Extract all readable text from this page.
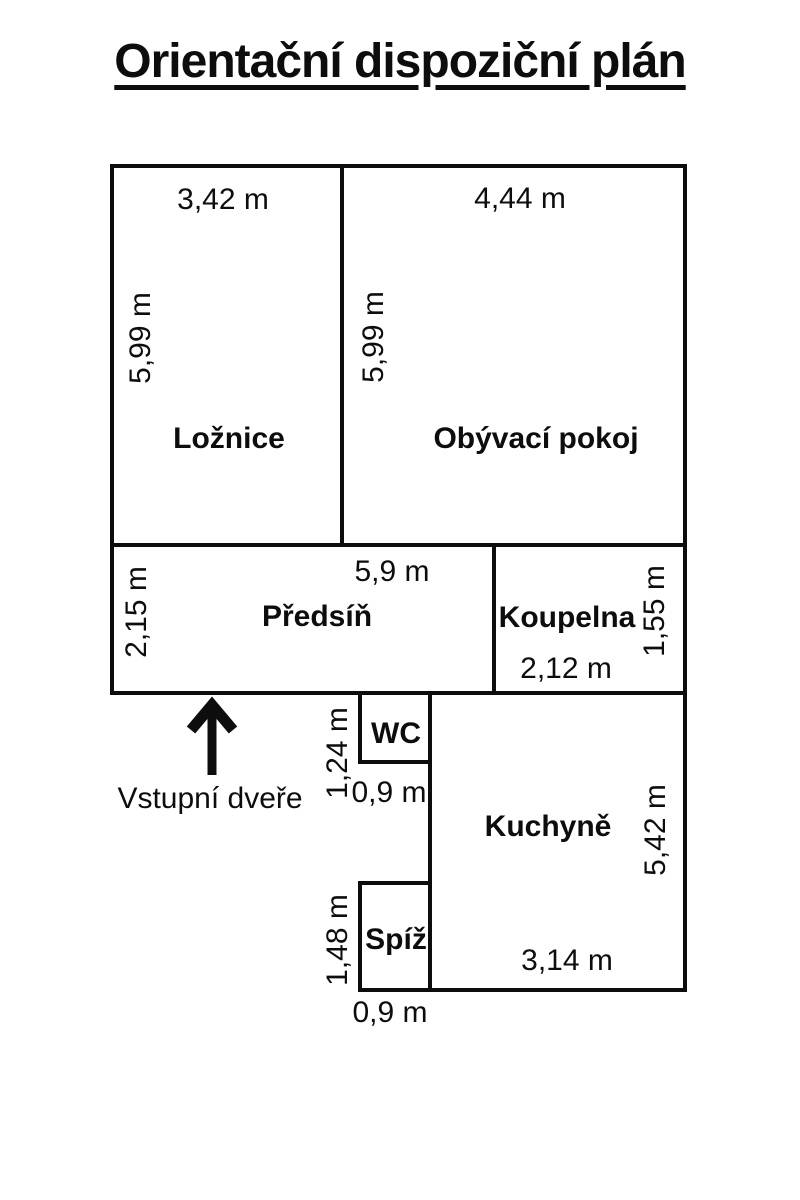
Orientační dispoziční plán
3,42 m
5,99 m
Ložnice
4,44 m
5,99 m
Obývací pokoj
5,9 m
2,15 m	Předsíň	Koupelna 1,55 m
2,12 m
WC
1,24 m
0,9 m
Kuchyně 5,42 m
3,14 m
Spíž
1,48 m
0,9 m
Vstupní dveře
